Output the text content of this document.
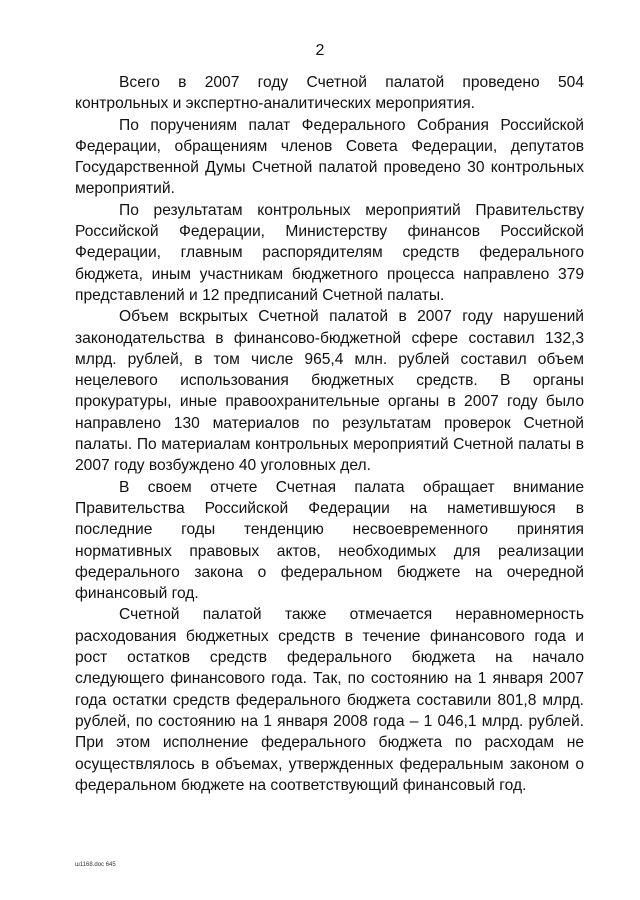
2

Всего в 2007 году Счетной палатой проведено 504 контрольных и экспертно-аналитических мероприятия.

По поручениям палат Федерального Собрания Российской Федерации, обращениям членов Совета Федерации, депутатов Государственной Думы Счетной палатой проведено 30 контрольных мероприятий.

По результатам контрольных мероприятий Правительству Российской Федерации, Министерству финансов Российской Федерации, главным распорядителям средств федерального бюджета, иным участникам бюджетного процесса направлено 379 представлений и 12 предписаний Счетной палаты.

Объем вскрытых Счетной палатой в 2007 году нарушений законодательства в финансово-бюджетной сфере составил 132,3 млрд. рублей, в том числе 965,4 млн. рублей составил объем нецелевого использования бюджетных средств. В органы прокуратуры, иные правоохранительные органы в 2007 году было направлено 130 материалов по результатам проверок Счетной палаты. По материалам контрольных мероприятий Счетной палаты в 2007 году возбуждено 40 уголовных дел.

В своем отчете Счетная палата обращает внимание Правительства Российской Федерации на наметившуюся в последние годы тенденцию несвоевременного принятия нормативных правовых актов, необходимых для реализации федерального закона о федеральном бюджете на очередной финансовый год.

Счетной палатой также отмечается неравномерность расходования бюджетных средств в течение финансового года и рост остатков средств федерального бюджета на начало следующего финансового года. Так, по состоянию на 1 января 2007 года остатки средств федерального бюджета составили 801,8 млрд. рублей, по состоянию на 1 января 2008 года – 1 046,1 млрд. рублей. При этом исполнение федерального бюджета по расходам не осуществлялось в объемах, утвержденных федеральным законом о федеральном бюджете на соответствующий финансовый год.

ш1168.doc 645
